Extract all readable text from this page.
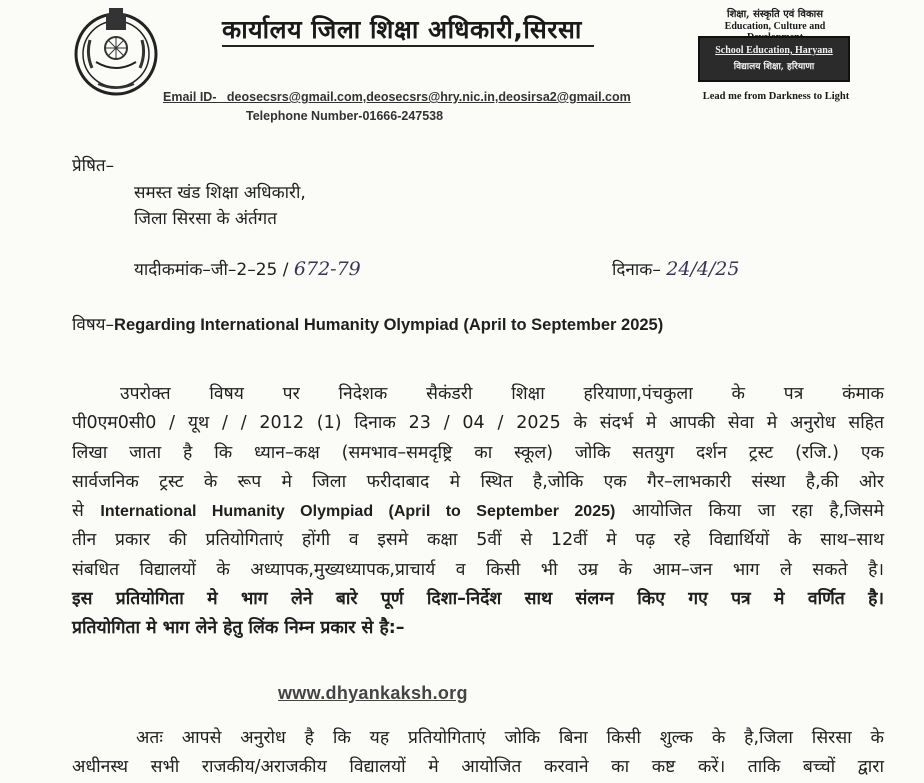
कार्यालय जिला शिक्षा अधिकारी,सिरसा
शिक्षा, संस्कृति एवं विकास
Education, Culture and
School Education, Haryana
विद्यालय शिक्षा, हरियाणा
Lead me from Darkness to Light
Email ID-   deosecsrs@gmail.com,deosecsrs@hry.nic.in,deosirsa2@gmail.com
Telephone Number-01666-247538
प्रेषित–
समस्त खंड शिक्षा अधिकारी,
जिला सिरसा के अंर्तगत
यादीकमांक–जी–2–25 / 672-79	दिनाक– 24/4/25
विषय–Regarding International Humanity Olympiad (April to September 2025)
उपरोक्त विषय पर निदेशक सैकंडरी शिक्षा हरियाणा,पंचकुला के पत्र कंमाक
पी0एम0सी0 / यूथ / / 2012 (1) दिनाक 23 / 04 / 2025 के संदर्भ मे आपकी सेवा मे अनुरोध सहित
लिखा जाता है कि ध्यान–कक्ष (समभाव–समदृष्ट्रि का स्कूल) जोकि सतयुग दर्शन ट्रस्ट (रजि.) एक
सार्वजनिक ट्रस्ट के रूप मे जिला फरीदाबाद मे स्थित है,जोकि एक गैर–लाभकारी संस्था है,की ओर
से International Humanity Olympiad (April to September 2025) आयोजित किया जा रहा है,जिसमे
तीन प्रकार की प्रतियोगिताएं होंगी व इसमे कक्षा 5वीं से 12वीं मे पढ़ रहे विद्यार्थियों के साथ–साथ
संबधित विद्यालयों के अध्यापक,मुख्यध्यापक,प्राचार्य व किसी भी उम्र के आम–जन भाग ले सकते है।
इस प्रतियोगिता मे भाग लेने बारे पूर्ण दिशा–निर्देश साथ संलग्न किए गए पत्र मे वर्णित है।
प्रतियोगिता मे भाग लेने हेतु लिंक निम्न प्रकार से है:–
www.dhyankaksh.org
अतः आपसे अनुरोध है कि यह प्रतियोगिताएं जोकि बिना किसी शुल्क के है,जिला सिरसा के
अधीनस्थ सभी राजकीय/अराजकीय विद्यालयों मे आयोजित करवाने का कष्ट करें। ताकि बच्चों द्वारा
